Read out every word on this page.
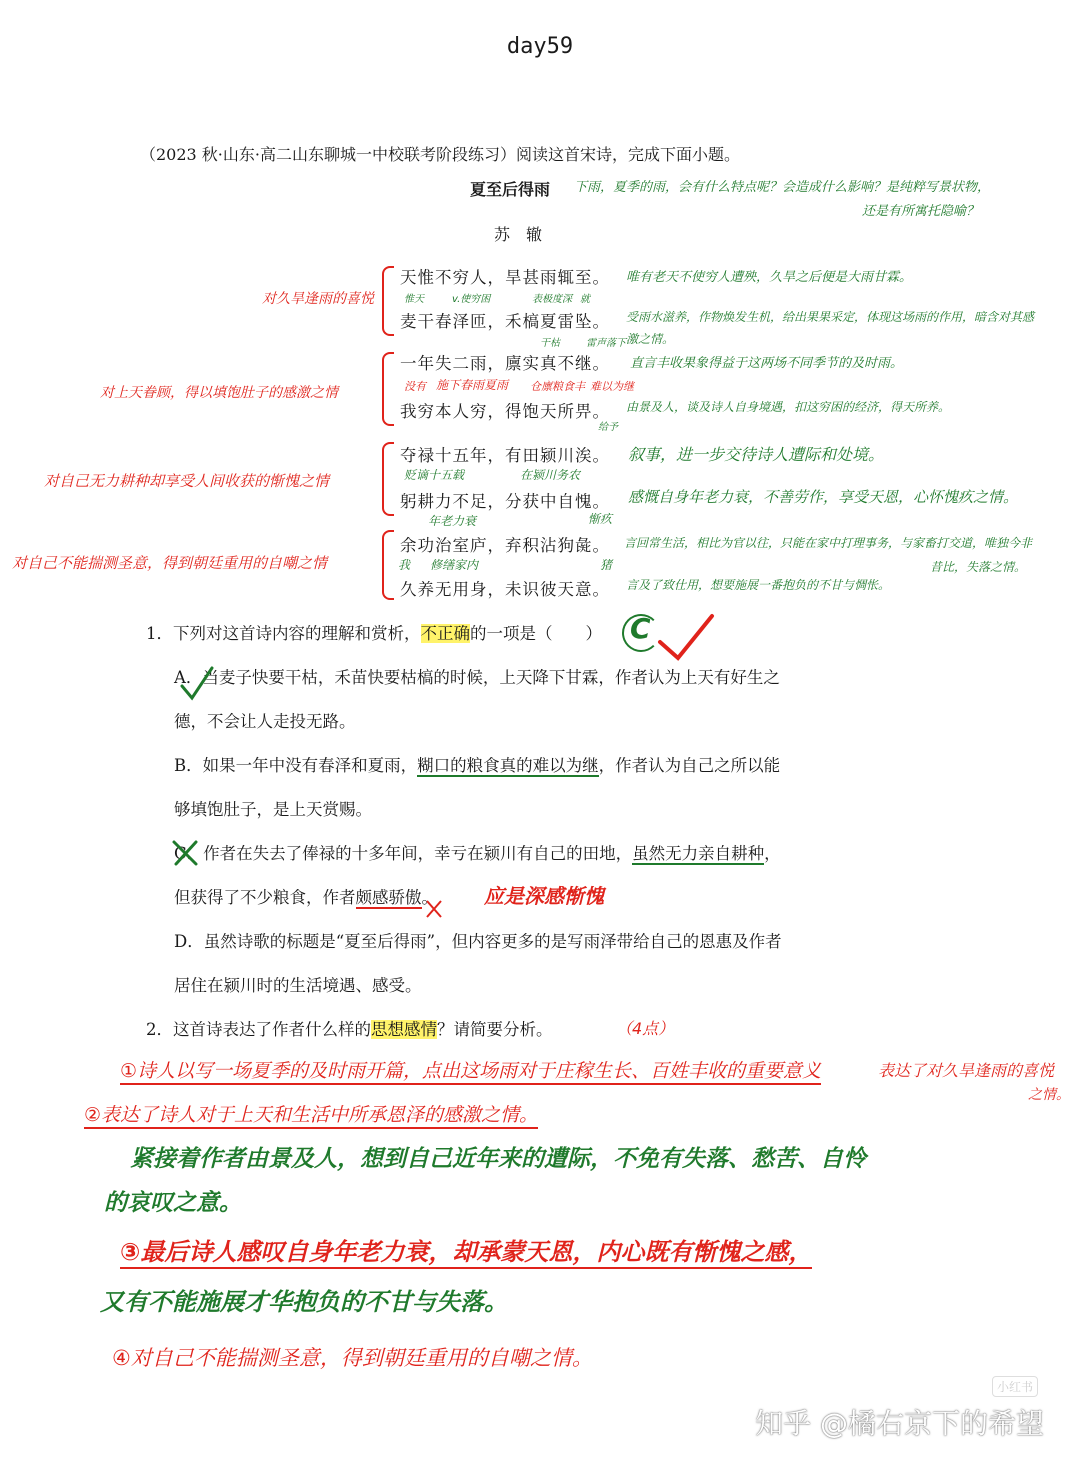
day59
（2023 秋·山东·高二山东聊城一中校联考阶段练习）阅读这首宋诗，完成下面小题。
夏至后得雨 下雨，夏季的雨，会有什么特点呢？会造成什么影响？是纯粹写景状物，
还是有所寓托隐喻？
苏　辙
对久旱逢雨的喜悦
天惟不穷人，旱甚雨辄至。 唯有老天不使穷人遭殃，久旱之后便是大雨甘霖。
惟天	v.使穷困	表极度深 就
麦干春泽匝，禾槁夏雷坠。 受雨水滋养，作物焕发生机，给出果果采定，体现这场雨的作用，暗含对其感激之情。
干枯	雷声落下
对上天眷顾，得以填饱肚子的感激之情
一年失二雨，廪实真不继。 直言丰收果象得益于这两场不同季节的及时雨。
没有 施下春雨夏雨 仓廪粮食丰 难以为继
我穷本人穷，得饱天所畀。 由景及人，谈及诗人自身境遇，扣这穷困的经济，得天所养。
给予
对自己无力耕种却享受人间收获的惭愧之情
夺禄十五年，有田颍川涘。 叙事，进一步交待诗人遭际和处境。
贬谪十五载	在颍川务农
躬耕力不足，分获中自愧。 感慨自身年老力衰，不善劳作，享受天恩，心怀愧疚之情。
年老力衰	惭疚
对自己不能揣测圣意，得到朝廷重用的自嘲之情
余功治室庐，弃积沾狗彘。 言回常生活，相比为官以往，只能在家中打理事务，与家畜打交道，唯独今非
昔比，失落之情。
修缮家内
我	猪
久养无用身，未识彼天意。 言及了致仕用，想要施展一番抱负的不甘与惆怅。
1．下列对这首诗内容的理解和赏析，不正确的一项是（　　） C
A．当麦子快要干枯，禾苗快要枯槁的时候，上天降下甘霖，作者认为上天有好生之
德，不会让人走投无路。
B．如果一年中没有春泽和夏雨，糊口的粮食真的难以为继，作者认为自己之所以能
够填饱肚子，是上天赏赐。
C．作者在失去了俸禄的十多年间，幸亏在颍川有自己的田地，虽然无力亲自耕种，
但获得了不少粮食，作者颇感骄傲。 应是深感惭愧
D．虽然诗歌的标题是“夏至后得雨”，但内容更多的是写雨泽带给自己的恩惠及作者
居住在颍川时的生活境遇、感受。
2．这首诗表达了作者什么样的思想感情？请简要分析。	（4点）
①诗人以写一场夏季的及时雨开篇，点出这场雨对于庄稼生长、百姓丰收的重要意义	表达了对久旱逢雨的喜悦
之情。
②表达了诗人对于上天和生活中所承恩泽的感激之情。
紧接着作者由景及人，想到自己近年来的遭际，不免有失落、愁苦、自怜
的哀叹之意。
③最后诗人感叹自身年老力衰，却承蒙天恩，内心既有惭愧之感，
又有不能施展才华抱负的不甘与失落。
④对自己不能揣测圣意，得到朝廷重用的自嘲之情。
小红书
知乎 @橘右京下的希望
